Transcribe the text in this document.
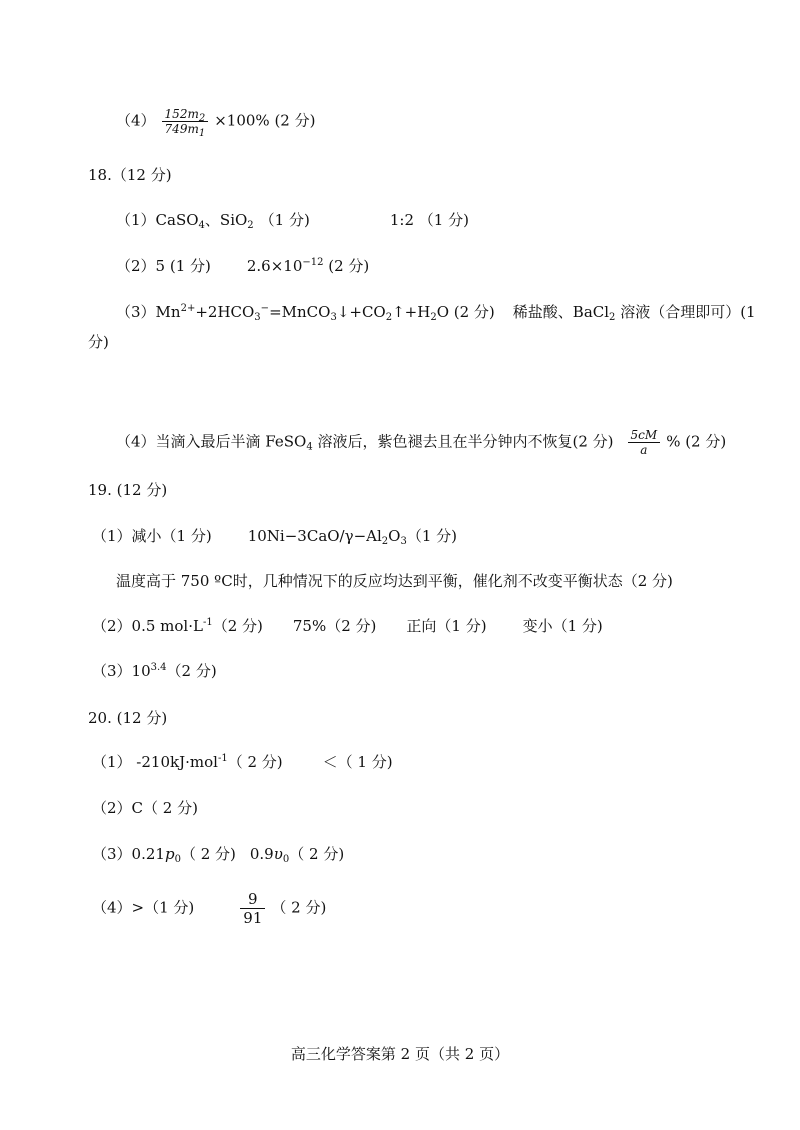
$(4) \frac{152m_2}{749m_1} \times 100\%$ (2 分)
18.（12 分)
（1）CaSO$_4$、SiO$_2$ （1 分)	1:2 （1 分)
（2）5 (1 分) $2.6\times 10^{-12}$ (2 分)
$(3)Mn^{2+}+2HCO_3^-=MnCO_3↓+CO_2↑+H_2O$ (2 分) 稀盐酸、BaCl$_2$ 溶液（合理即可）(1
分)
（4）当滴入最后半滴 FeSO$_4$ 溶液后，紫色褪去且在半分钟内不恢复(2 分) $\frac{5cM}{a}$ % (2 分)
19. (12 分)
（1）减小（1 分) $10Ni-3CaO/\gamma-Al_2O_3(1$ 分)
温度高于 750 ºC时，几种情况下的反应均达到平衡，催化剂不改变平衡状态（2 分)
（2）0.5 $mol\cdot L^{-1}(2$ 分) 75%（2 分) 正向（1 分) 变小（1 分)
$(3)10^{3.4}(2$ 分)
20. (12 分)
（1） -210kJ·mol$^{-1}$（ 2 分)	＜（ 1 分)
（2）C（ 2 分)
$(3)0.21p_0$（ 2 分) $0.9\upsilon_0$（ 2 分)
（4）>（1 分)	$\frac{9}{91}$ （ 2 分)
高三化学答案第 2 页（共 2 页）
